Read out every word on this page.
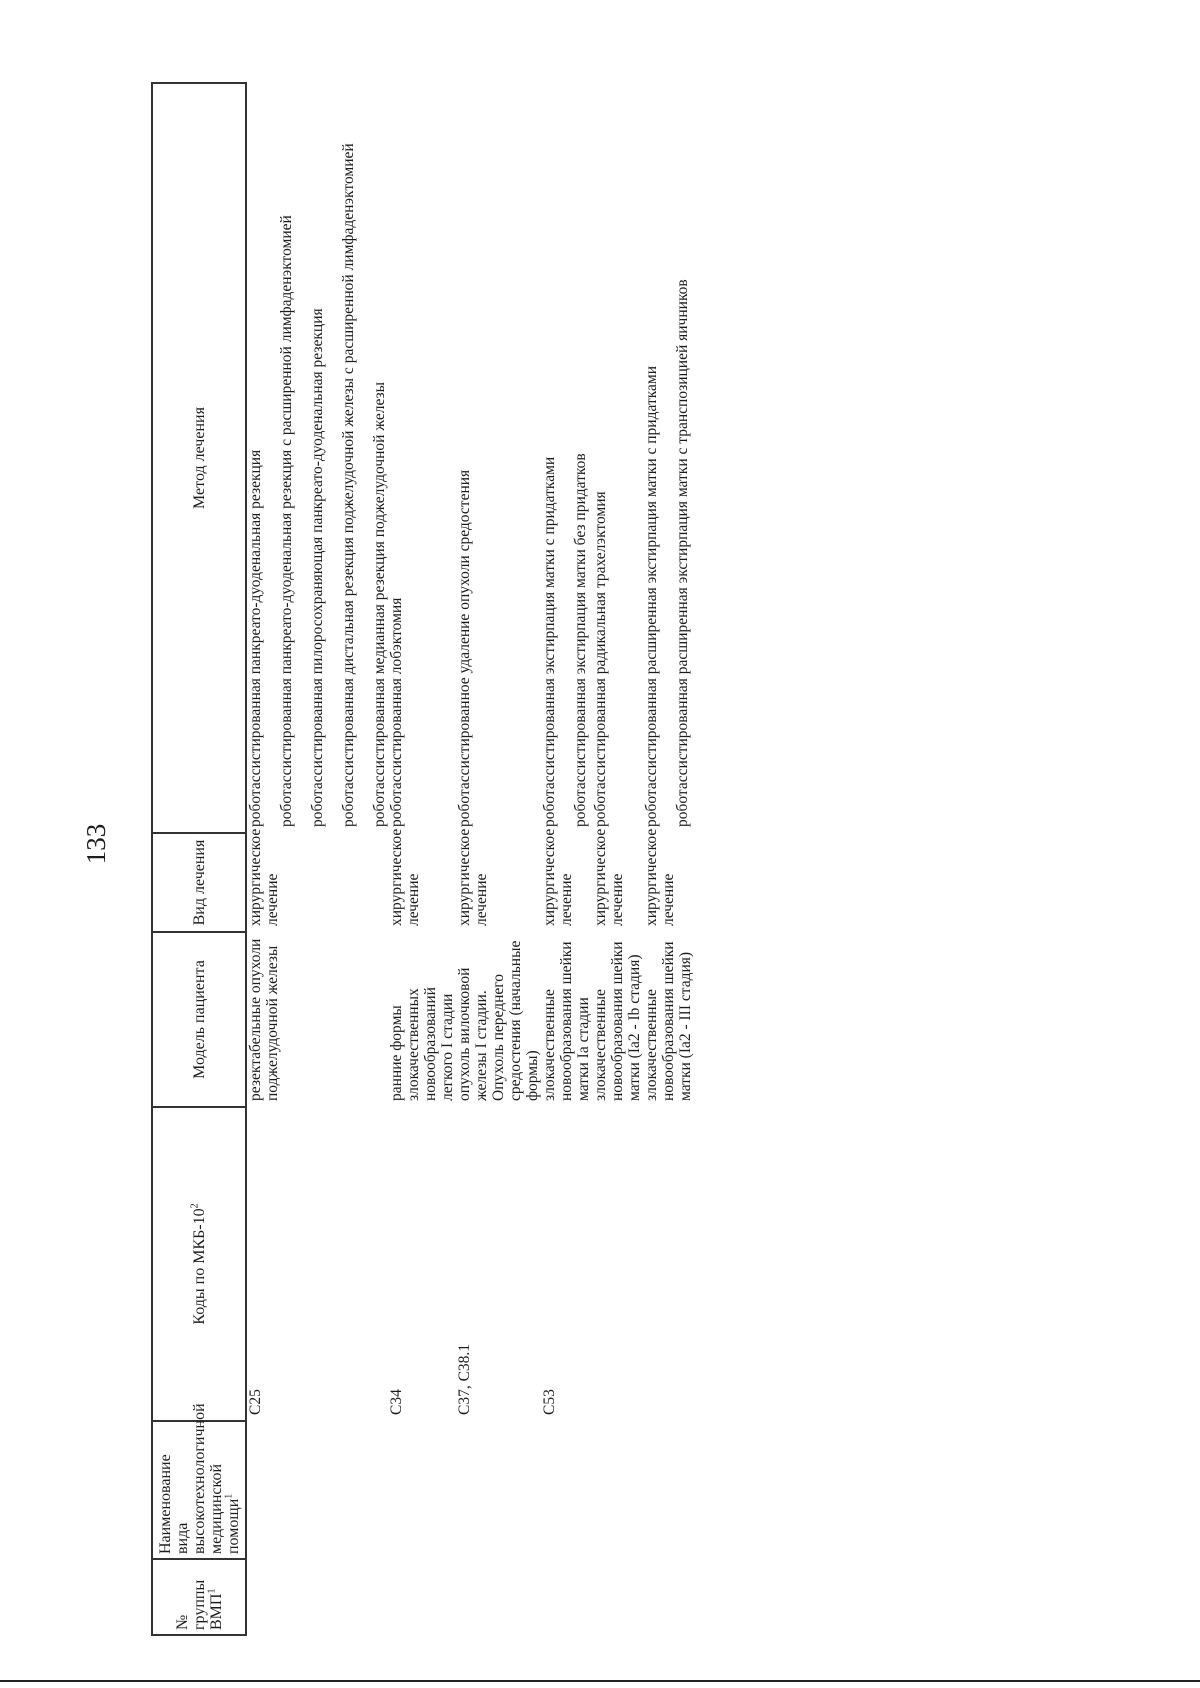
133
№ группы ВМП$^1$	Наименование вида высокотехнологичной медицинской помощи$^1$	Коды по МКБ-$10^2$	Модель пациента	Вид лечения	Метод лечения
		C25	резектабельные опухоли поджелудочной железы	хирургическое лечение	роботассистированная панкреато-дуоденальная резекция роботассистированная панкреато-дуоденальная резекция с расширенной лимфаденэктомией роботассистированная пилоросохраняющая панкреато-дуоденальная резекция роботассистированная дистальная резекция поджелудочной железы с расширенной лимфаденэктомией роботассистированная медианная резекция поджелудочной железы

		C34	ранние формы злокачественных новообразований легкого I стадии	хирургическое лечение	роботассистированная лобэктомия

		C37, C38.1	опухоль вилочковой железы I стадии. Опухоль переднего средостения (начальные формы)	хирургическое лечение	роботассистированное удаление опухоли средостения

		C53	злокачественные новообразования шейки матки Ia стадии	хирургическое лечение	роботассистированная экстирпация матки с придатками роботассистированная экстирпация матки без придатков

			злокачественные новообразования шейки матки (Ia2 - Ib стадия)	хирургическое лечение	роботассистированная радикальная трахелэктомия

			злокачественные новообразования шейки матки (Ia2 - III стадия)	хирургическое лечение	роботассистированная расширенная экстирпация матки с придатками роботассистированная расширенная экстирпация матки с транспозицией яичников
